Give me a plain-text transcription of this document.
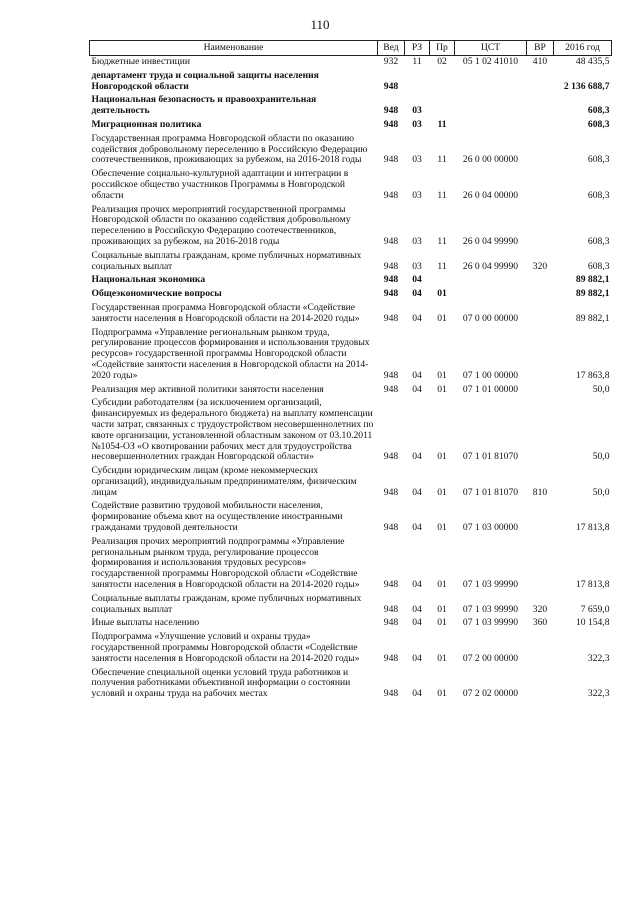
110
Наименование	Вед	РЗ	Пр	ЦСТ	ВР	2016 год
Бюджетные инвестиции	932	11	02	05 1 02 41010	410	48 435,5
департамент труда и социальной защиты населения Новгородской области	948					2 136 688,7
Национальная безопасность и правоохранительная деятельность	948	03				608,3
Миграционная политика	948	03	11			608,3
Государственная программа Новгородской области по оказанию содействия добровольному переселению в Российскую Федерацию соотечественников, проживающих за рубежом, на 2016-2018 годы	948	03	11	26 0 00 00000		608,3
Обеспечение социально-культурной адаптации и интеграции в российское общество участников Программы в Новгородской области	948	03	11	26 0 04 00000		608,3
Реализация прочих мероприятий государственной программы Новгородской области по оказанию содействия добровольному переселению в Российскую Федерацию соотечественников, проживающих за рубежом, на 2016-2018 годы	948	03	11	26 0 04 99990		608,3
Социальные выплаты гражданам, кроме публичных нормативных социальных выплат	948	03	11	26 0 04 99990	320	608,3
Национальная экономика	948	04				89 882,1
Общеэкономические вопросы	948	04	01			89 882,1
Государственная программа Новгородской области «Содействие занятости населения в Новгородской области на 2014-2020 годы»	948	04	01	07 0 00 00000		89 882,1
Подпрограмма «Управление региональным рынком труда, регулирование процессов формирования и использования трудовых ресурсов» государственной программы Новгородской области «Содействие занятости населения в Новгородской области на 2014-2020 годы»	948	04	01	07 1 00 00000		17 863,8
Реализация мер активной политики занятости населения	948	04	01	07 1 01 00000		50,0
Субсидии работодателям (за исключением организаций, финансируемых из федерального бюджета) на выплату компенсации части затрат, связанных с трудоустройством несовершеннолетних по квоте организации, установленной областным законом от 03.10.2011 №1054-ОЗ «О квотировании рабочих мест для трудоустройства несовершеннолетних граждан Новгородской области»	948	04	01	07 1 01 81070		50,0
Субсидии юридическим лицам (кроме некоммерческих организаций), индивидуальным предпринимателям, физическим лицам	948	04	01	07 1 01 81070	810	50,0
Содействие развитию трудовой мобильности населения, формирование объема квот на осуществление иностранными гражданами трудовой деятельности	948	04	01	07 1 03 00000		17 813,8
Реализация прочих мероприятий подпрограммы «Управление региональным рынком труда, регулирование процессов формирования и использования трудовых ресурсов» государственной программы Новгородской области «Содействие занятости населения в Новгородской области на 2014-2020 годы»	948	04	01	07 1 03 99990		17 813,8
Социальные выплаты гражданам, кроме публичных нормативных социальных выплат	948	04	01	07 1 03 99990	320	7 659,0
Иные выплаты населению	948	04	01	07 1 03 99990	360	10 154,8
Подпрограмма «Улучшение условий и охраны труда» государственной программы Новгородской области «Содействие занятости населения в Новгородской области на 2014-2020 годы»	948	04	01	07 2 00 00000		322,3
Обеспечение специальной оценки условий труда работников и получения работниками объективной информации о состоянии условий и охраны труда на рабочих местах	948	04	01	07 2 02 00000		322,3
